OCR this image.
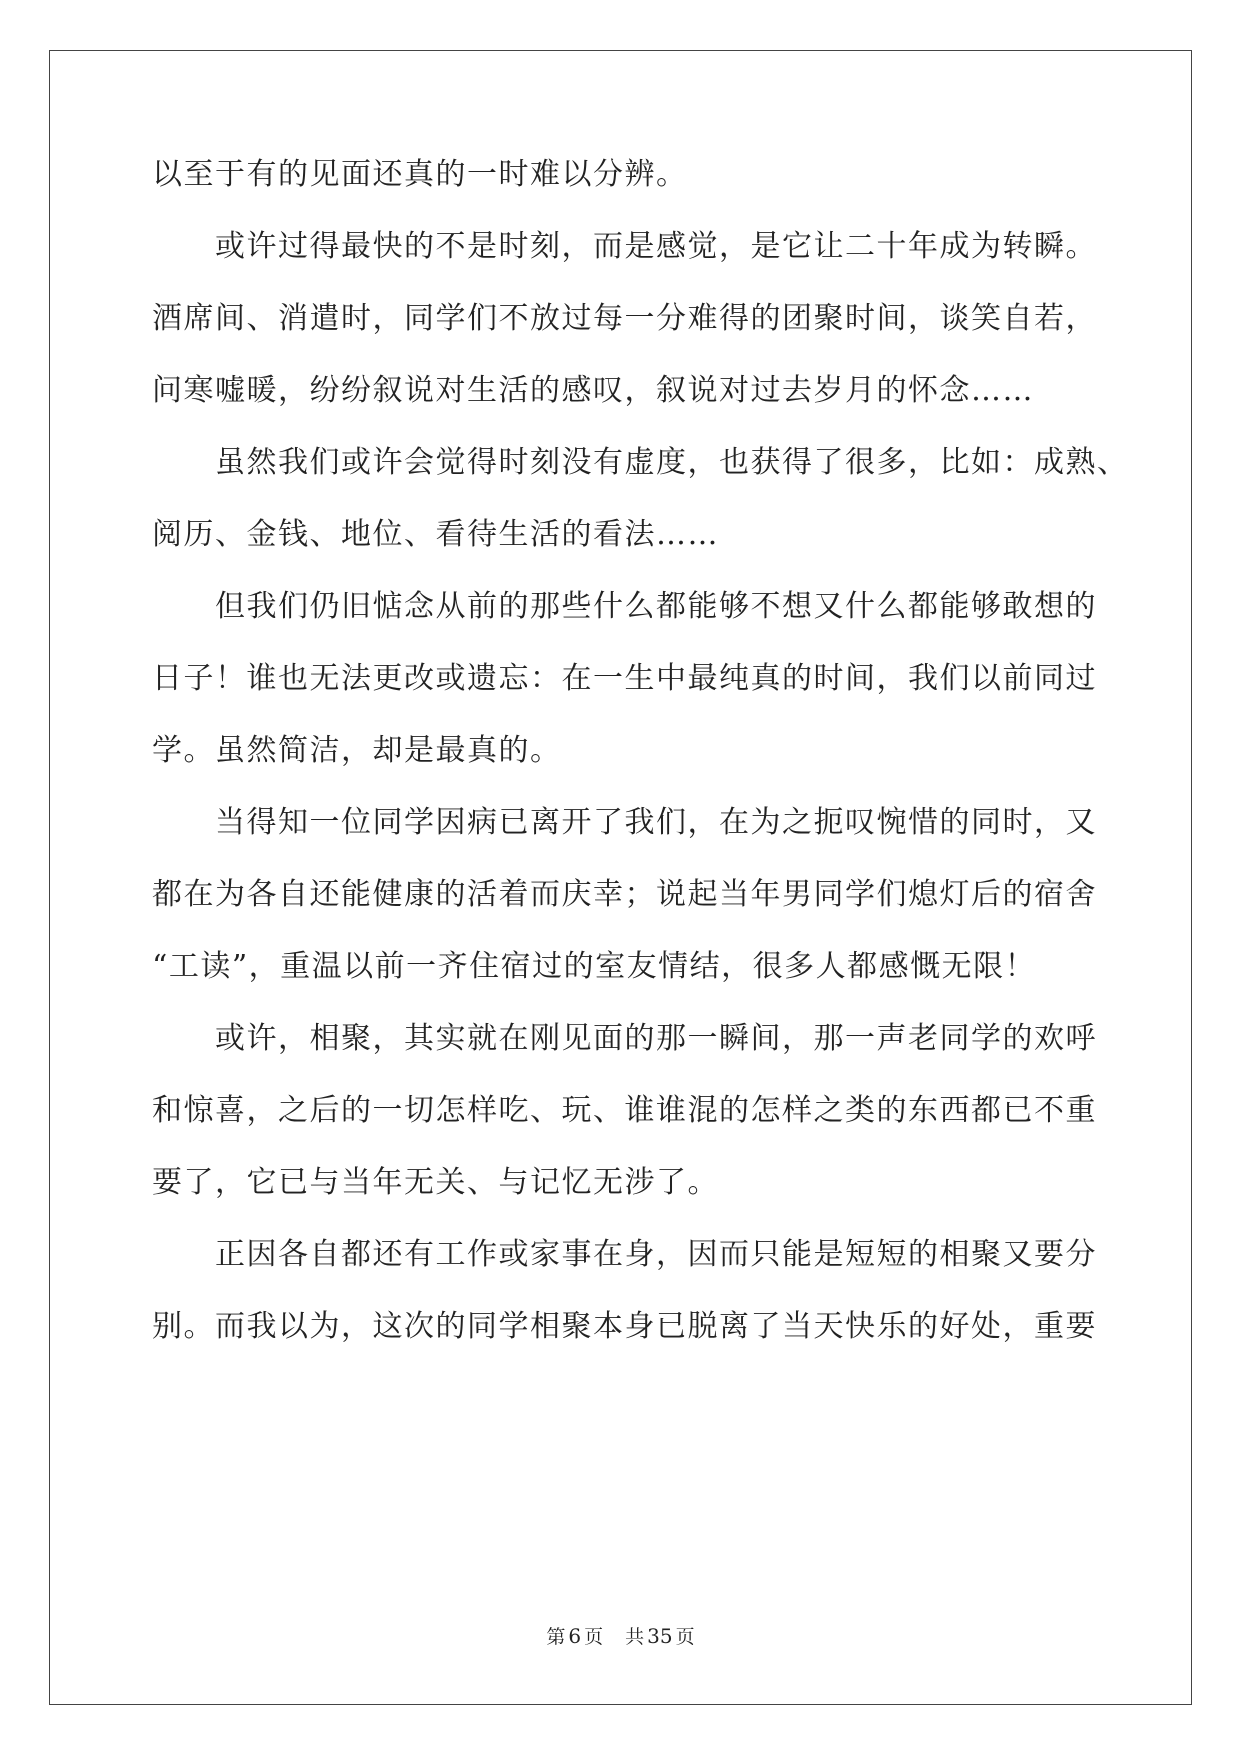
以至于有的见面还真的一时难以分辨。
或许过得最快的不是时刻，而是感觉，是它让二十年成为转瞬。
酒席间、消遣时，同学们不放过每一分难得的团聚时间，谈笑自若，
问寒嘘暖，纷纷叙说对生活的感叹，叙说对过去岁月的怀念……
虽然我们或许会觉得时刻没有虚度，也获得了很多，比如：成熟、
阅历、金钱、地位、看待生活的看法……
但我们仍旧惦念从前的那些什么都能够不想又什么都能够敢想的
日子！谁也无法更改或遗忘：在一生中最纯真的时间，我们以前同过
学。虽然简洁，却是最真的。
当得知一位同学因病已离开了我们，在为之扼叹惋惜的同时，又
都在为各自还能健康的活着而庆幸；说起当年男同学们熄灯后的宿舍
“工读”，重温以前一齐住宿过的室友情结，很多人都感慨无限！
或许，相聚，其实就在刚见面的那一瞬间，那一声老同学的欢呼
和惊喜，之后的一切怎样吃、玩、谁谁混的怎样之类的东西都已不重
要了，它已与当年无关、与记忆无涉了。
正因各自都还有工作或家事在身，因而只能是短短的相聚又要分
别。而我以为，这次的同学相聚本身已脱离了当天快乐的好处，重要
第 6 页 共 35 页
